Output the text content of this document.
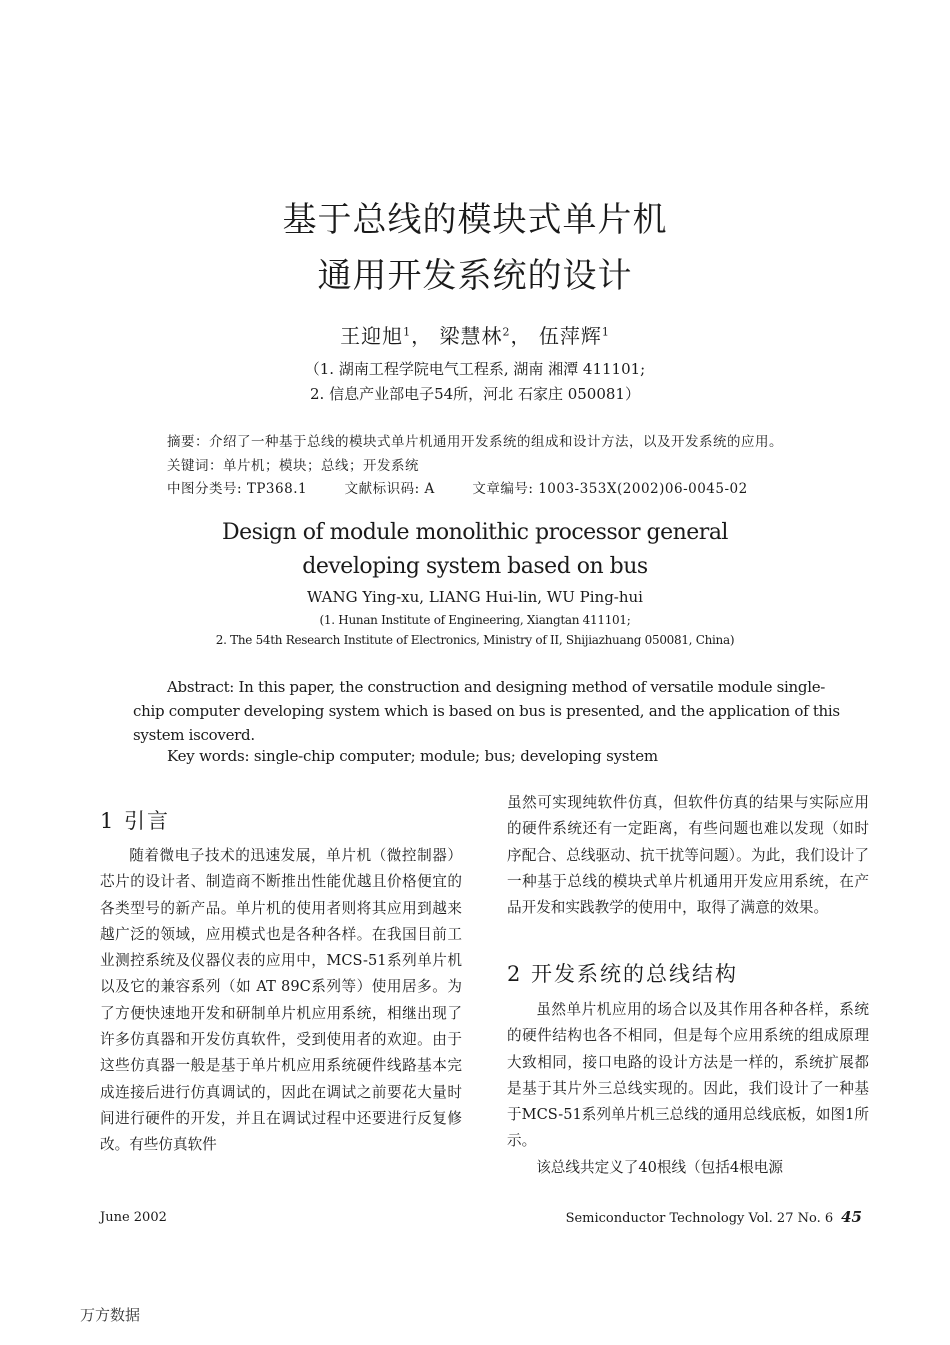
基于总线的模块式单片机
通用开发系统的设计
王迎旭$^1$， 梁慧林$^2$， 伍萍辉$^1$
（1. 湖南工程学院电气工程系, 湖南 湘潭 411101;
2. 信息产业部电子54所，河北 石家庄 050081）
摘要：介绍了一种基于总线的模块式单片机通用开发系统的组成和设计方法，以及开发系统的应用。
关键词：单片机；模块；总线；开发系统
中图分类号: TP368.1	文献标识码: A	文章编号: 1003-353X(2002)06-0045-02
Design of module monolithic processor general
developing system based on bus
WANG Ying-xu, LIANG Hui-lin, WU Ping-hui
(1. Hunan Institute of Engineering, Xiangtan 411101;
2. The 54th Research Institute of Electronics, Ministry of II, Shijiazhuang 050081, China)
Abstract: In this paper, the construction and designing method of versatile module single-chip computer developing system which is based on bus is presented, and the application of this system iscoverd.
Key words: single-chip computer; module; bus; developing system
1 引言

随着微电子技术的迅速发展，单片机（微控制器）芯片的设计者、制造商不断推出性能优越且价格便宜的各类型号的新产品。单片机的使用者则将其应用到越来越广泛的领域，应用模式也是各种各样。在我国目前工业测控系统及仪器仪表的应用中，MCS-51系列单片机以及它的兼容系列（如 AT 89C系列等）使用居多。为了方便快速地开发和研制单片机应用系统，相继出现了许多仿真器和开发仿真软件，受到使用者的欢迎。由于这些仿真器一般是基于单片机应用系统硬件线路基本完成连接后进行仿真调试的，因此在调试之前要花大量时间进行硬件的开发，并且在调试过程中还要进行反复修改。有些仿真软件

虽然可实现纯软件仿真，但软件仿真的结果与实际应用的硬件系统还有一定距离，有些问题也难以发现（如时序配合、总线驱动、抗干扰等问题）。为此，我们设计了一种基于总线的模块式单片机通用开发应用系统，在产品开发和实践教学的使用中，取得了满意的效果。

2 开发系统的总线结构

虽然单片机应用的场合以及其作用各种各样，系统的硬件结构也各不相同，但是每个应用系统的组成原理大致相同，接口电路的设计方法是一样的，系统扩展都是基于其片外三总线实现的。因此，我们设计了一种基于MCS-51系列单片机三总线的通用总线底板，如图1所示。

该总线共定义了40根线（包括4根电源

June 2002	Semiconductor Technology Vol. 27 No. 6 45
万方数据
